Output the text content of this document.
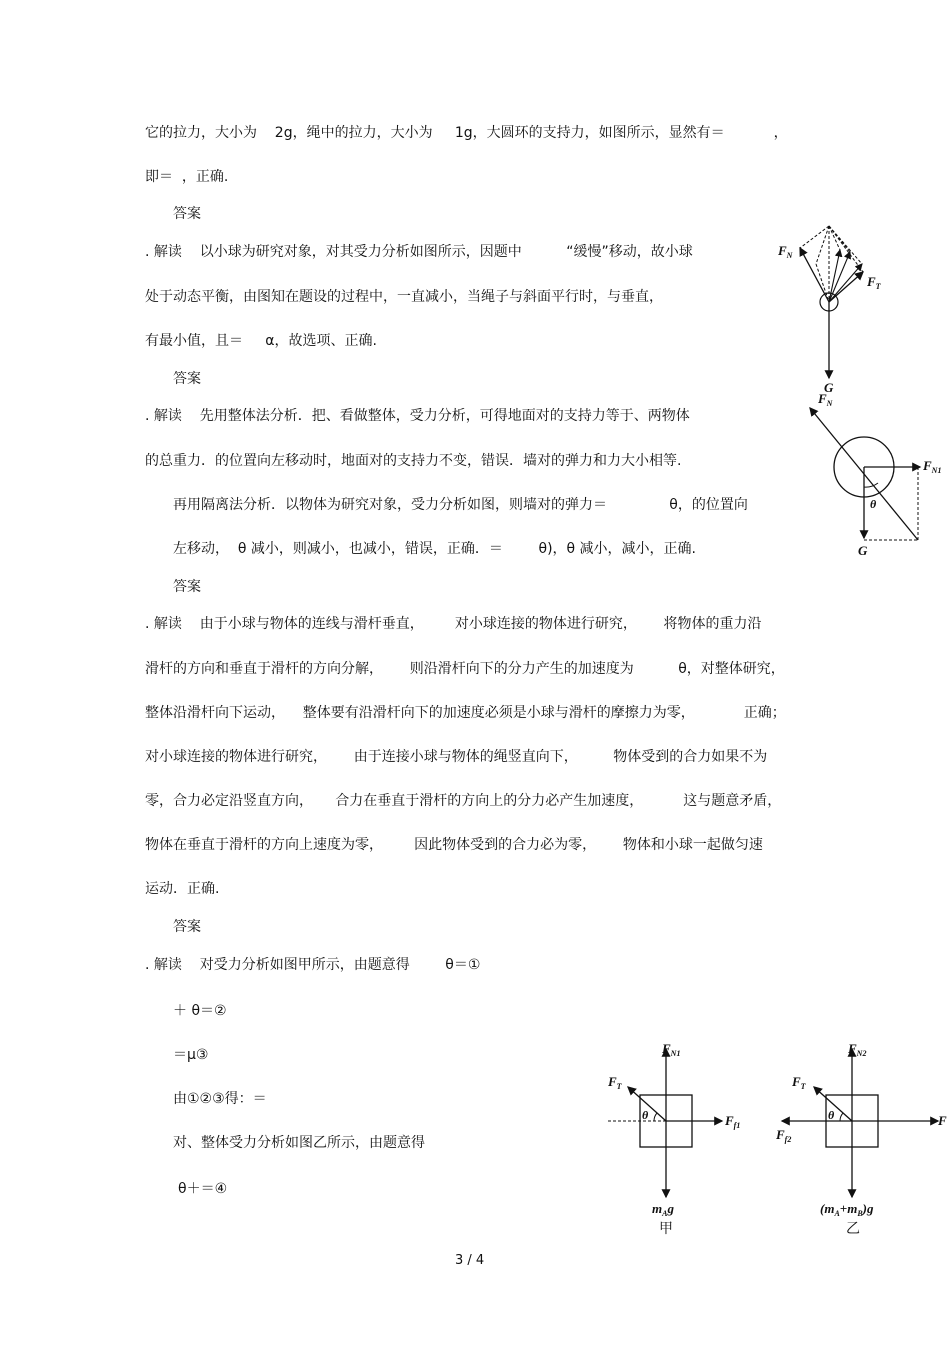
它的拉力，大小为    2g，绳中的拉力，大小为     1g，大圆环的支持力，如图所示，显然有＝           ，
即＝  ，正确.
答案
. 解读    以小球为研究对象，对其受力分析如图所示，因题中          “缓慢”移动，故小球
处于动态平衡，由图知在题设的过程中，一直减小，当绳子与斜面平行时，与垂直，
有最小值，且＝     α，故选项、正确.
答案
. 解读    先用整体法分析．把、看做整体，受力分析，可得地面对的支持力等于、两物体
的总重力．的位置向左移动时，地面对的支持力不变，错误．墙对的弹力和力大小相等.
再用隔离法分析．以物体为研究对象，受力分析如图，则墙对的弹力＝              θ，的位置向
左移动，  θ 减小，则减小，也减小，错误，正确．＝        θ)，θ 减小，减小，正确.
答案
. 解读    由于小球与物体的连线与滑杆垂直，       对小球连接的物体进行研究，      将物体的重力沿
滑杆的方向和垂直于滑杆的方向分解，      则沿滑杆向下的分力产生的加速度为          θ，对整体研究，
整体沿滑杆向下运动，    整体要有沿滑杆向下的加速度必须是小球与滑杆的摩擦力为零，           正确；
对小球连接的物体进行研究，      由于连接小球与物体的绳竖直向下，        物体受到的合力如果不为
零，合力必定沿竖直方向，     合力在垂直于滑杆的方向上的分力必产生加速度，         这与题意矛盾，
物体在垂直于滑杆的方向上速度为零，       因此物体受到的合力必为零，      物体和小球一起做匀速
运动．正确.
答案
. 解读    对受力分析如图甲所示，由题意得        θ＝①
＋ θ＝②
＝μ③
由①②③得：＝
对、整体受力分析如图乙所示，由题意得
θ＋＝④
$F_N$
$F_T$
G
$F_N$
$F_{N1}$
θ
G
$F_{N1}$
$F_T$
$F_{f1}$
θ
$m_Ag$
甲
$F_{N2}$
$F_T$
$F_{f2}$
F
θ
$(m_A+m_B)g$
乙
3 / 4
